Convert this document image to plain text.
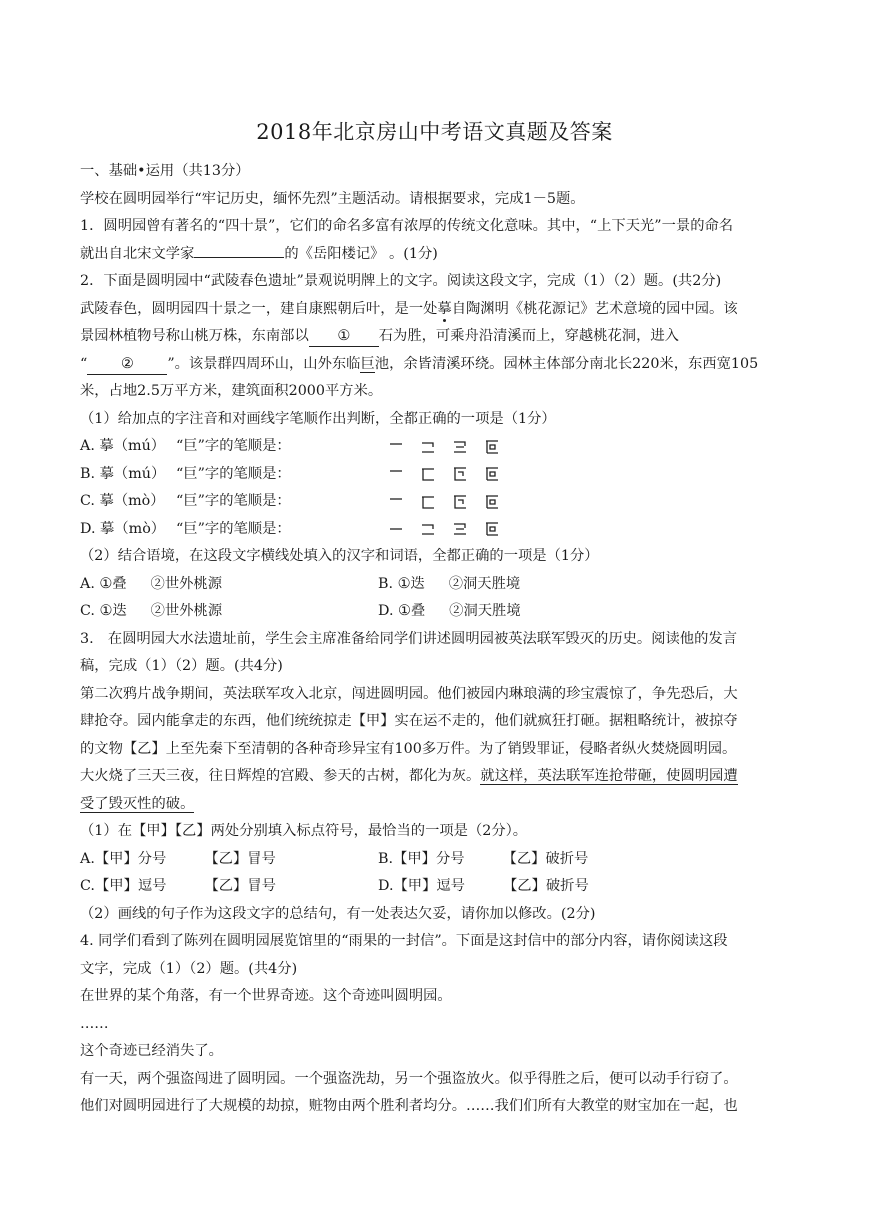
2018年北京房山中考语文真题及答案

一、基础•运用（共13分）

学校在圆明园举行“牢记历史，缅怀先烈”主题活动。请根据要求，完成1－5题。

1．圆明园曾有著名的“四十景”，它们的命名多富有浓厚的传统文化意味。其中，“上下天光”一景的命名

就出自北宋文学家	的《岳阳楼记》 。(1分)

2．下面是圆明园中“武陵春色遗址”景观说明牌上的文字。阅读这段文字，完成（1）（2）题。(共2分)

武陵春色，圆明园四十景之一，建自康熙朝后叶，是一处摹自陶渊明《桃花源记》艺术意境的园中园。该

景园林植物号称山桃万株，东南部以 ① 石为胜，可乘舟沿清溪而上，穿越桃花洞，进入

“ ② ”。该景群四周环山，山外东临巨池，余皆清溪环绕。园林主体部分南北长220米，东西宽105

米，占地2.5万平方米，建筑面积2000平方米。

（1）给加点的字注音和对画线字笔顺作出判断，全都正确的一项是（1分）

A. 摹（mú） “巨”字的笔顺是：
B. 摹（mú） “巨”字的笔顺是：
C. 摹（mò） “巨”字的笔顺是：
D. 摹（mò） “巨”字的笔顺是：

（2）结合语境，在这段文字横线处填入的汉字和词语，全都正确的一项是（1分）

A. ①叠 ②世外桃源	B. ①迭 ②洞天胜境
C. ①迭 ②世外桃源	D. ①叠 ②洞天胜境

3.　在圆明园大水法遗址前，学生会主席准备给同学们讲述圆明园被英法联军毁灭的历史。阅读他的发言

稿，完成（1）（2）题。(共4分)

第二次鸦片战争期间，英法联军攻入北京，闯进圆明园。他们被园内琳琅满的珍宝震惊了，争先恐后，大

肆抢夺。园内能拿走的东西，他们统统掠走【甲】实在运不走的，他们就疯狂打砸。据粗略统计，被掠夺

的文物【乙】上至先秦下至清朝的各种奇珍异宝有100多万件。为了销毁罪证，侵略者纵火焚烧圆明园。

大火烧了三天三夜，往日辉煌的宫殿、参天的古树，都化为灰。就这样，英法联军连抢带砸，使圆明园遭

受了毁灭性的破。

（1）在【甲】【乙】两处分别填入标点符号，最恰当的一项是（2分）。

A.【甲】分号	【乙】冒号	B.【甲】分号	【乙】破折号
C.【甲】逗号	【乙】冒号	D.【甲】逗号	【乙】破折号

（2）画线的句子作为这段文字的总结句，有一处表达欠妥，请你加以修改。(2分)

4. 同学们看到了陈列在圆明园展览馆里的“雨果的一封信”。下面是这封信中的部分内容，请你阅读这段

文字，完成（1）（2）题。(共4分)

在世界的某个角落，有一个世界奇迹。这个奇迹叫圆明园。

……

这个奇迹已经消失了。

有一天，两个强盗闯进了圆明园。一个强盗洗劫，另一个强盗放火。似乎得胜之后，便可以动手行窃了。

他们对圆明园进行了大规模的劫掠，赃物由两个胜利者均分。……我们们所有大教堂的财宝加在一起，也
